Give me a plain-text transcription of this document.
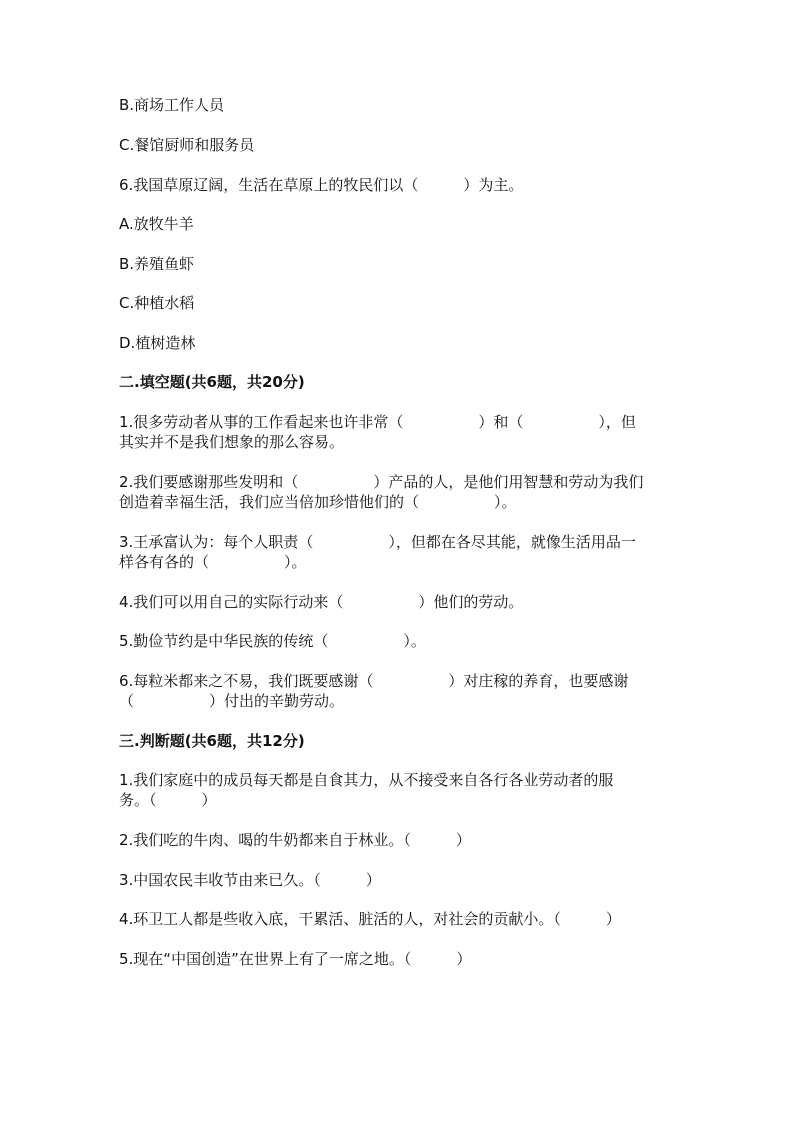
B.商场工作人员
C.餐馆厨师和服务员
6.我国草原辽阔，生活在草原上的牧民们以（　　　）为主。
A.放牧牛羊
B.养殖鱼虾
C.种植水稻
D.植树造林
二.填空题(共6题，共20分)
1.很多劳动者从事的工作看起来也许非常（　　　　　）和（　　　　　），但
其实并不是我们想象的那么容易。
2.我们要感谢那些发明和（　　　　　）产品的人，是他们用智慧和劳动为我们
创造着幸福生活，我们应当倍加珍惜他们的（　　　　　）。
3.王承富认为：每个人职责（　　　　　），但都在各尽其能，就像生活用品一
样各有各的（　　　　　）。
4.我们可以用自己的实际行动来（　　　　　）他们的劳动。
5.勤俭节约是中华民族的传统（　　　　　）。
6.每粒米都来之不易，我们既要感谢（　　　　　）对庄稼的养育，也要感谢
（　　　　　）付出的辛勤劳动。
三.判断题(共6题，共12分)
1.我们家庭中的成员每天都是自食其力，从不接受来自各行各业劳动者的服
务。（　　　）
2.我们吃的牛肉、喝的牛奶都来自于林业。（　　　）
3.中国农民丰收节由来已久。（　　　）
4.环卫工人都是些收入底，干累活、脏活的人，对社会的贡献小。（　　　）
5.现在“中国创造”在世界上有了一席之地。（　　　）
